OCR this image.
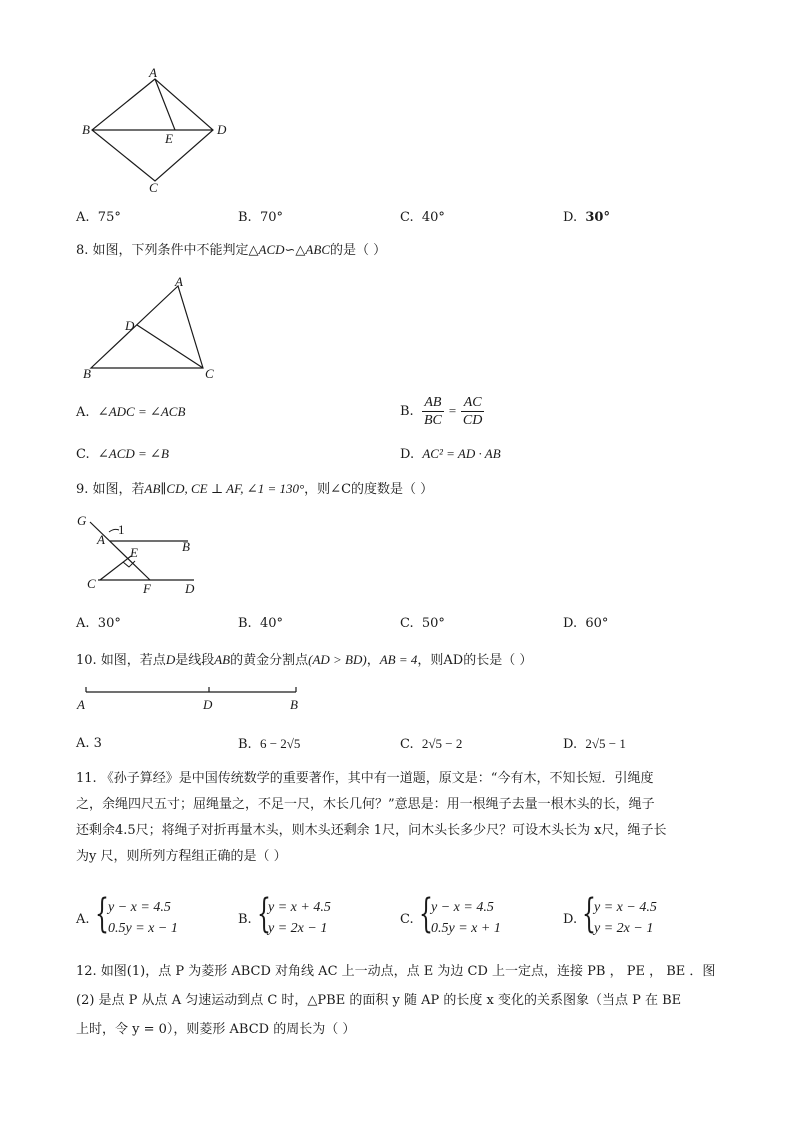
A
B
E
D
C
A. 75°	B. 70°	C. 40°	D. 30°
8. 如图，下列条件中不能判定△ACD∽△ABC的是（ ）
A
D
B	C
A. ∠ADC = ∠ACB	B. $\frac{AB}{BC} = \frac{AC}{CD}$
C. ∠ACD = ∠B	D. AC² = AD · AB
9. 如图，若AB∥CD, CE ⊥ AF, ∠1 = 130°，则∠C的度数是（ ）
G
1
A	B
E
C	F	D
A. 30°	B. 40°	C. 50°	D. 60°
10. 如图，若点D是线段AB的黄金分割点(AD > BD)，AB = 4，则AD的长是（ ）
A	D	B
A. 3	B. 6 − 2√5	C. 2√5 − 2	D. 2√5 − 1
11. 《孙子算经》是中国传统数学的重要著作，其中有一道题，原文是：“今有木，不知长短．引绳度
之，余绳四尺五寸；屈绳量之，不足一尺，木长几何？”意思是：用一根绳子去量一根木头的长，绳子
还剩余4.5尺；将绳子对折再量木头，则木头还剩余 1尺，问木头长多少尺？可设木头长为 x尺，绳子长
为y 尺，则所列方程组正确的是（ ）
A. { y − x = 4.5
0.5y = x − 1
B. {
y = x + 4.5
y = 2x − 1
C. {
y − x = 4.5
0.5y = x + 1
D. {
y = x − 4.5
y = 2x − 1
12. 如图(1)，点 P 为菱形 ABCD 对角线 AC 上一动点，点 E 为边 CD 上一定点，连接 PB ， PE ， BE ．图
(2) 是点 P 从点 A 匀速运动到点 C 时，△PBE 的面积 y 随 AP 的长度 x 变化的关系图象（当点 P 在 BE
上时，令 y = 0），则菱形 ABCD 的周长为（ ）
